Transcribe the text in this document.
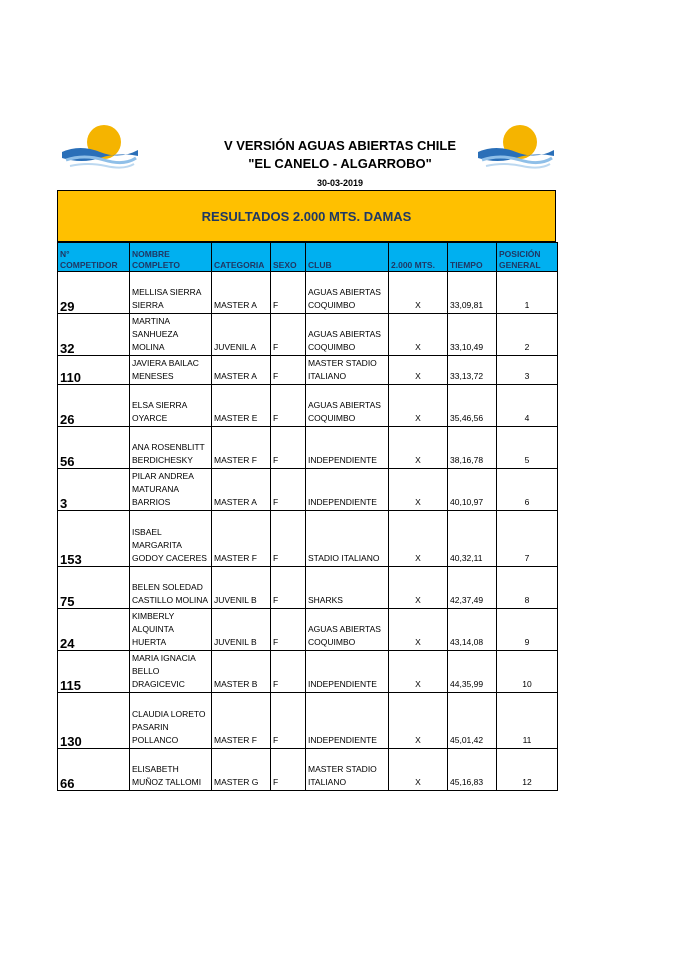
V VERSIÓN AGUAS ABIERTAS CHILE
"EL CANELO - ALGARROBO"
30-03-2019
RESULTADOS 2.000 MTS. DAMAS
N° COMPETIDOR	NOMBRE COMPLETO	CATEGORIA	SEXO	CLUB	2.000 MTS.	TIEMPO	POSICIÓN GENERAL
29	MELLISA SIERRA SIERRA	MASTER A	F	AGUAS ABIERTAS COQUIMBO	X	33,09,81	1
32	MARTINA SANHUEZA MOLINA	JUVENIL A	F	AGUAS ABIERTAS COQUIMBO	X	33,10,49	2
110	JAVIERA BAILAC MENESES	MASTER A	F	MASTER STADIO ITALIANO	X	33,13,72	3
26	ELSA SIERRA OYARCE	MASTER E	F	AGUAS ABIERTAS COQUIMBO	X	35,46,56	4
56	ANA ROSENBLITT BERDICHESKY	MASTER F	F	INDEPENDIENTE	X	38,16,78	5
3	PILAR ANDREA MATURANA BARRIOS	MASTER A	F	INDEPENDIENTE	X	40,10,97	6
153	ISBAEL MARGARITA GODOY CACERES	MASTER F	F	STADIO ITALIANO	X	40,32,11	7
75	BELEN SOLEDAD CASTILLO MOLINA	JUVENIL B	F	SHARKS	X	42,37,49	8
24	KIMBERLY ALQUINTA HUERTA	JUVENIL B	F	AGUAS ABIERTAS COQUIMBO	X	43,14,08	9
115	MARIA IGNACIA BELLO DRAGICEVIC	MASTER B	F	INDEPENDIENTE	X	44,35,99	10
130	CLAUDIA LORETO PASARIN POLLANCO	MASTER F	F	INDEPENDIENTE	X	45,01,42	11
66	ELISABETH MUÑOZ TALLOMI	MASTER G	F	MASTER STADIO ITALIANO	X	45,16,83	12
